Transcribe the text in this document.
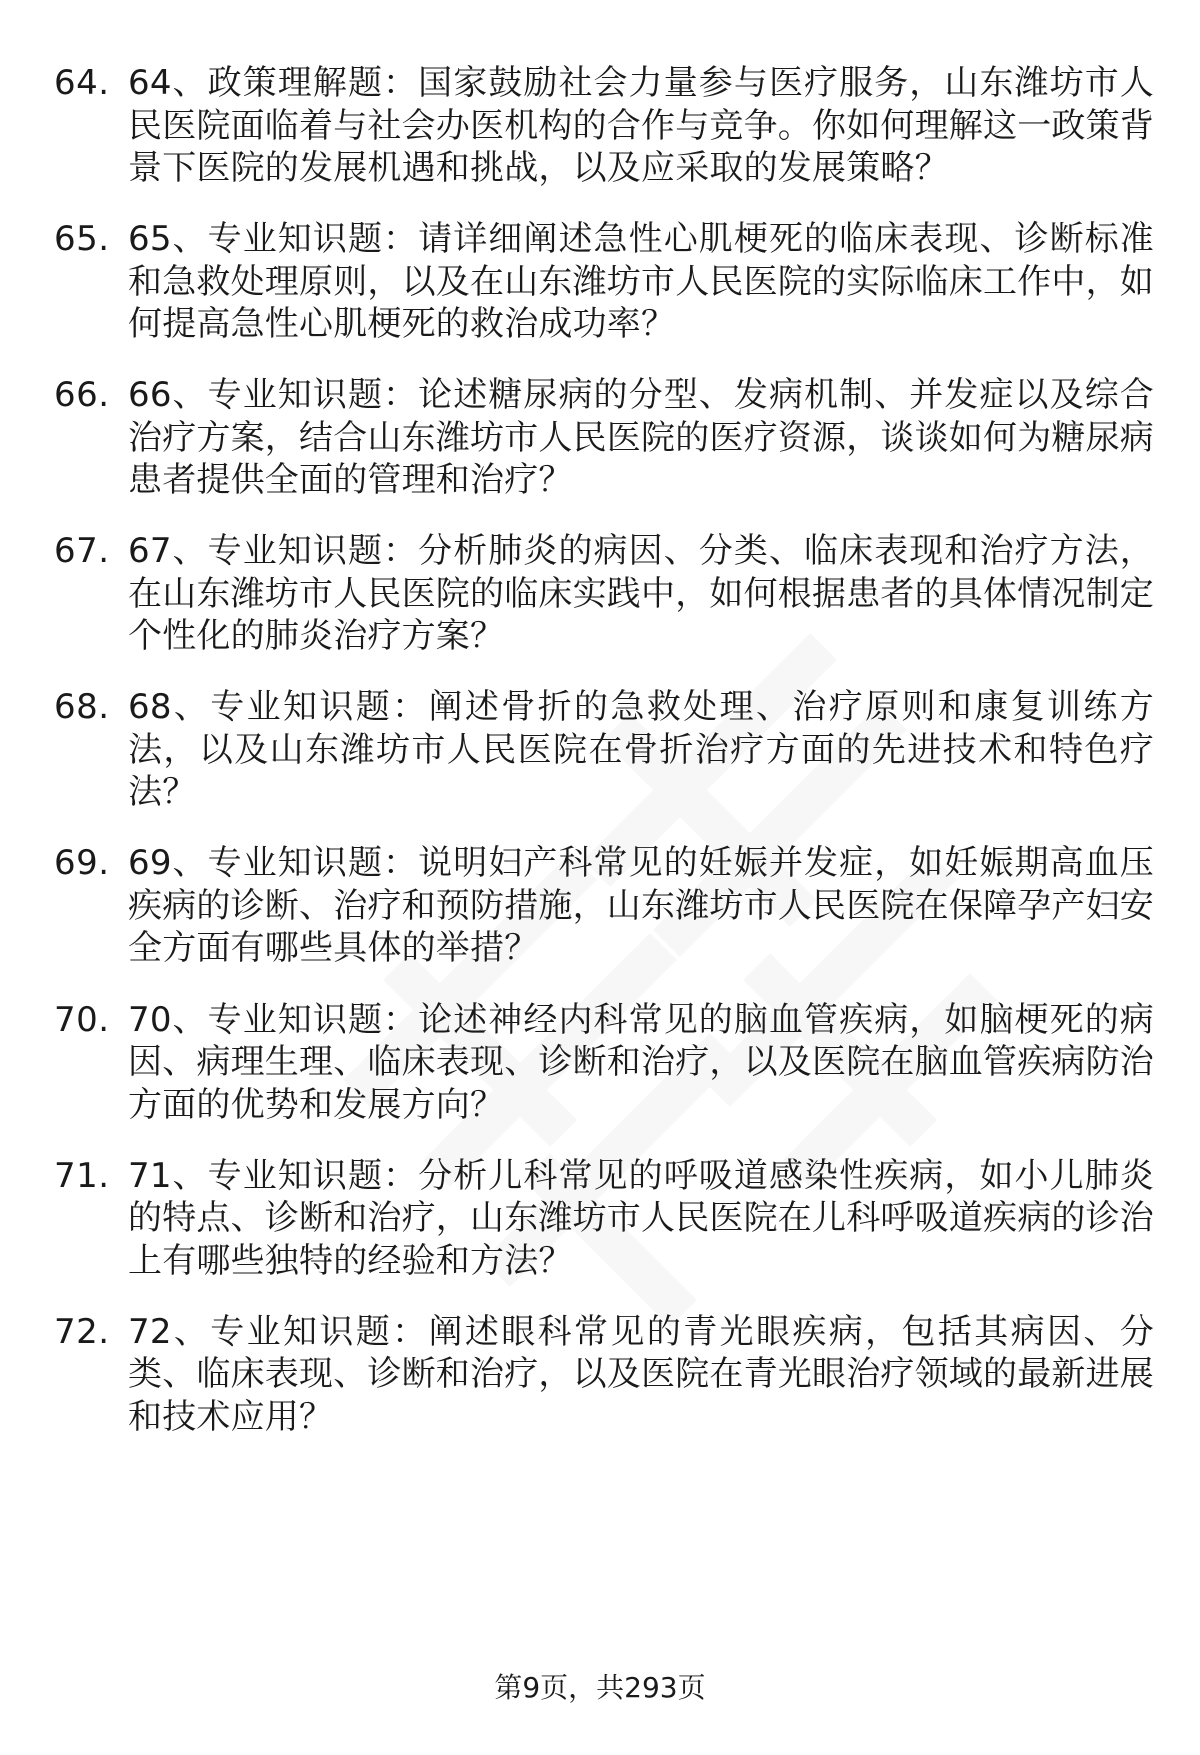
64. 64、政策理解题：国家鼓励社会力量参与医疗服务，山东潍坊市人民医院面临着与社会办医机构的合作与竞争。你如何理解这一政策背景下医院的发展机遇和挑战，以及应采取的发展策略？
65. 65、专业知识题：请详细阐述急性心肌梗死的临床表现、诊断标准和急救处理原则，以及在山东潍坊市人民医院的实际临床工作中，如何提高急性心肌梗死的救治成功率？
66. 66、专业知识题：论述糖尿病的分型、发病机制、并发症以及综合治疗方案，结合山东潍坊市人民医院的医疗资源，谈谈如何为糖尿病患者提供全面的管理和治疗？
67. 67、专业知识题：分析肺炎的病因、分类、临床表现和治疗方法，在山东潍坊市人民医院的临床实践中，如何根据患者的具体情况制定个性化的肺炎治疗方案？
68. 68、专业知识题：阐述骨折的急救处理、治疗原则和康复训练方法，以及山东潍坊市人民医院在骨折治疗方面的先进技术和特色疗法？
69. 69、专业知识题：说明妇产科常见的妊娠并发症，如妊娠期高血压疾病的诊断、治疗和预防措施，山东潍坊市人民医院在保障孕产妇安全方面有哪些具体的举措？
70. 70、专业知识题：论述神经内科常见的脑血管疾病，如脑梗死的病因、病理生理、临床表现、诊断和治疗，以及医院在脑血管疾病防治方面的优势和发展方向？
71. 71、专业知识题：分析儿科常见的呼吸道感染性疾病，如小儿肺炎的特点、诊断和治疗，山东潍坊市人民医院在儿科呼吸道疾病的诊治上有哪些独特的经验和方法？
72. 72、专业知识题：阐述眼科常见的青光眼疾病，包括其病因、分类、临床表现、诊断和治疗，以及医院在青光眼治疗领域的最新进展和技术应用？
第9页，共293页
